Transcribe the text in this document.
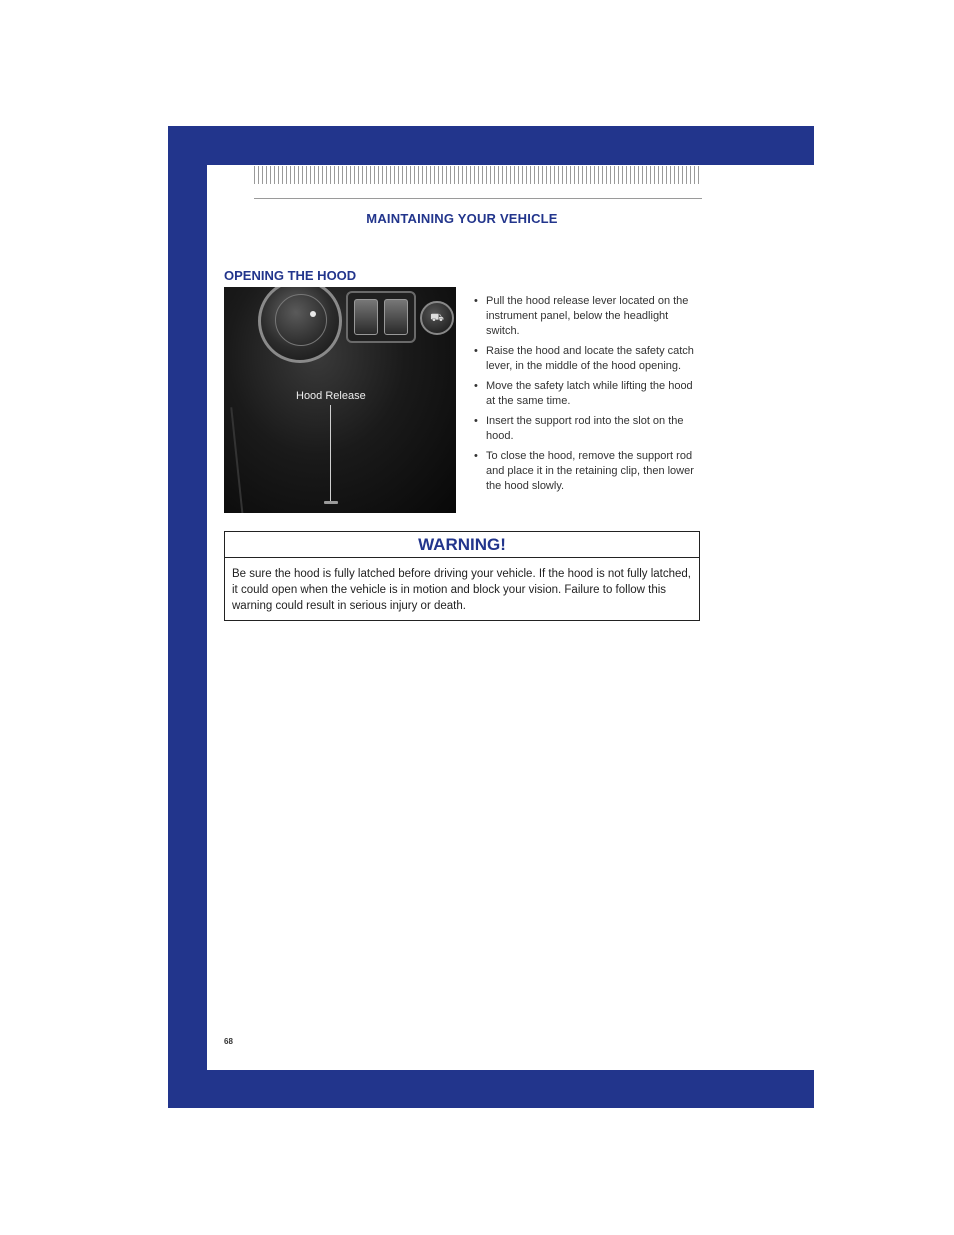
MAINTAINING YOUR VEHICLE
OPENING THE HOOD
⛟
Hood Release
• Pull the hood release lever located on the instrument panel, below the headlight switch.
• Raise the hood and locate the safety catch lever, in the middle of the hood opening.
• Move the safety latch while lifting the hood at the same time.
• Insert the support rod into the slot on the hood.
• To close the hood, remove the support rod and place it in the retaining clip, then lower the hood slowly.
WARNING!
Be sure the hood is fully latched before driving your vehicle. If the hood is not fully latched, it could open when the vehicle is in motion and block your vision. Failure to follow this warning could result in serious injury or death.
68
